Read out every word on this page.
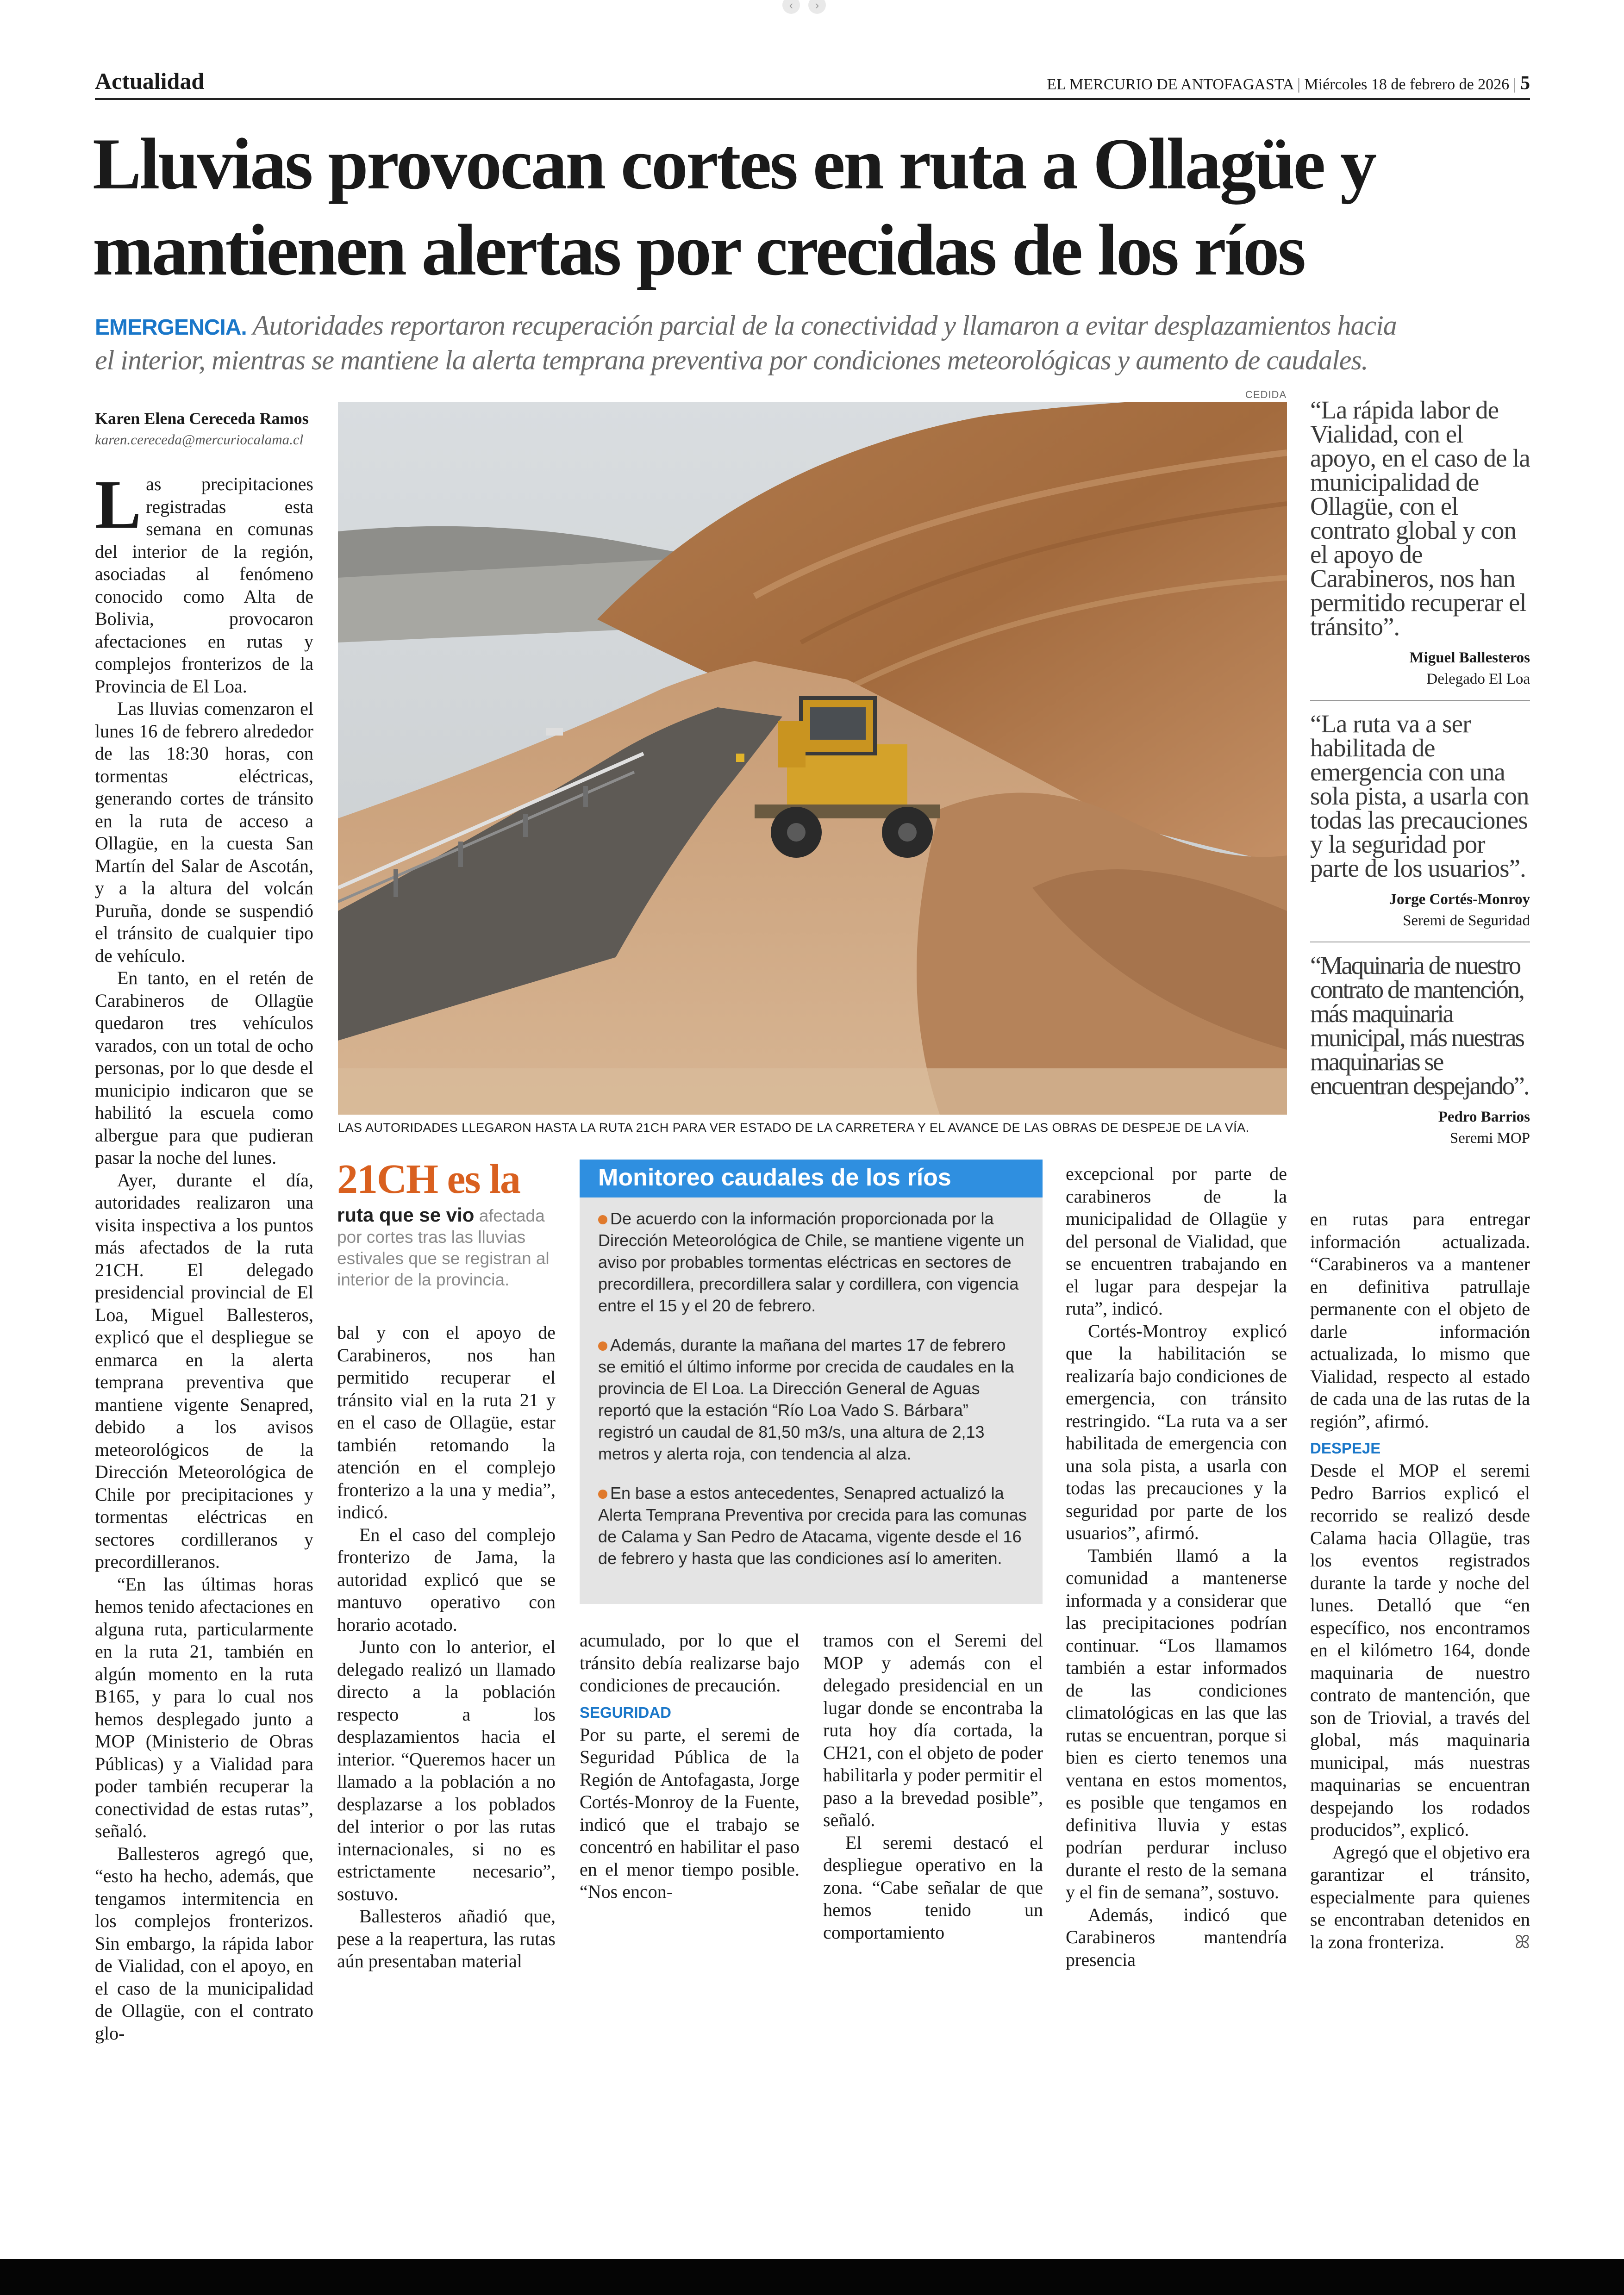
‹	›
Actualidad	EL MERCURIO DE ANTOFAGASTA | Miércoles 18 de febrero de 2026 | 5
Lluvias provocan cortes en ruta a Ollagüe y
mantienen alertas por crecidas de los ríos
EMERGENCIA. Autoridades reportaron recuperación parcial de la conectividad y llamaron a evitar desplazamientos hacia
el interior, mientras se mantiene la alerta temprana preventiva por condiciones meteorológicas y aumento de caudales.
Karen Elena Cereceda Ramos
karen.cereceda@mercuriocalama.cl
CEDIDA
LAS AUTORIDADES LLEGARON HASTA LA RUTA 21CH PARA VER ESTADO DE LA CARRETERA Y EL AVANCE DE LAS OBRAS DE DESPEJE DE LA VÍA.

Las precipitaciones registradas esta semana en comunas del interior de la región, asociadas al fenómeno conocido como Alta de Bolivia, provocaron afectaciones en rutas y complejos fronterizos de la Provincia de El Loa.

Las lluvias comenzaron el lunes 16 de febrero alrededor de las 18:30 horas, con tormentas eléctricas, generando cortes de tránsito en la ruta de acceso a Ollagüe, en la cuesta San Martín del Salar de Ascotán, y a la altura del volcán Puruña, donde se suspendió el tránsito de cualquier tipo de vehículo.

En tanto, en el retén de Carabineros de Ollagüe quedaron tres vehículos varados, con un total de ocho personas, por lo que desde el municipio indicaron que se habilitó la escuela como albergue para que pudieran pasar la noche del lunes.

Ayer, durante el día, autoridades realizaron una visita inspectiva a los puntos más afectados de la ruta 21CH. El delegado presidencial provincial de El Loa, Miguel Ballesteros, explicó que el despliegue se enmarca en la alerta temprana preventiva que mantiene vigente Senapred, debido a los avisos meteorológicos de la Dirección Meteorológica de Chile por precipitaciones y tormentas eléctricas en sectores cordilleranos y precordilleranos.

“En las últimas horas hemos tenido afectaciones en alguna ruta, particularmente en la ruta 21, también en algún momento en la ruta B165, y para lo cual nos hemos desplegado junto a MOP (Ministerio de Obras Públicas) y a Vialidad para poder también recuperar la conectividad de estas rutas”, señaló.

Ballesteros agregó que, “esto ha hecho, además, que tengamos intermitencia en los complejos fronterizos. Sin embargo, la rápida labor de Vialidad, con el apoyo, en el caso de la municipalidad de Ollagüe, con el contrato glo-

21CH es la
ruta que se vio afectada por cortes tras las lluvias estivales que se registran al interior de la provincia.

bal y con el apoyo de Carabineros, nos han permitido recuperar el tránsito vial en la ruta 21 y en el caso de Ollagüe, estar también retomando la atención en el complejo fronterizo a la una y media”, indicó.

En el caso del complejo fronterizo de Jama, la autoridad explicó que se mantuvo operativo con horario acotado.

Junto con lo anterior, el delegado realizó un llamado directo a la población respecto a los desplazamientos hacia el interior. “Queremos hacer un llamado a la población a no desplazarse a los poblados del interior o por las rutas internacionales, si no es estrictamente necesario”, sostuvo.

Ballesteros añadió que, pese a la reapertura, las rutas aún presentaban material

Monitoreo caudales de los ríos

De acuerdo con la información proporcionada por la Dirección Meteorológica de Chile, se mantiene vigente un aviso por probables tormentas eléctricas en sectores de precordillera, precordillera salar y cordillera, con vigencia entre el 15 y el 20 de febrero.

Además, durante la mañana del martes 17 de febrero se emitió el último informe por crecida de caudales en la provincia de El Loa. La Dirección General de Aguas reportó que la estación “Río Loa Vado S. Bárbara” registró un caudal de 81,50 m3/s, una altura de 2,13 metros y alerta roja, con tendencia al alza.

En base a estos antecedentes, Senapred actualizó la Alerta Temprana Preventiva por crecida para las comunas de Calama y San Pedro de Atacama, vigente desde el 16 de febrero y hasta que las condiciones así lo ameriten.

acumulado, por lo que el tránsito debía realizarse bajo condiciones de precaución.

SEGURIDAD

Por su parte, el seremi de Seguridad Pública de la Región de Antofagasta, Jorge Cortés-Monroy de la Fuente, indicó que el trabajo se concentró en habilitar el paso en el menor tiempo posible. “Nos encon-

tramos con el Seremi del MOP y además con el delegado presidencial en un lugar donde se encontraba la ruta hoy día cortada, la CH21, con el objeto de poder habilitarla y poder permitir el paso a la brevedad posible”, señaló.

El seremi destacó el despliegue operativo en la zona. “Cabe señalar de que hemos tenido un comportamiento

excepcional por parte de carabineros de la municipalidad de Ollagüe y del personal de Vialidad, que se encuentren trabajando en el lugar para despejar la ruta”, indicó.

Cortés-Montroy explicó que la habilitación se realizaría bajo condiciones de emergencia, con tránsito restringido. “La ruta va a ser habilitada de emergencia con una sola pista, a usarla con todas las precauciones y la seguridad por parte de los usuarios”, afirmó.

También llamó a la comunidad a mantenerse informada y a considerar que las precipitaciones podrían continuar. “Los llamamos también a estar informados de las condiciones climatológicas en las que las rutas se encuentran, porque si bien es cierto tenemos una ventana en estos momentos, es posible que tengamos en definitiva lluvia y estas podrían perdurar incluso durante el resto de la semana y el fin de semana”, sostuvo.

Además, indicó que Carabineros mantendría presencia

“La rápida labor de Vialidad, con el apoyo, en el caso de la municipalidad de Ollagüe, con el contrato global y con el apoyo de Carabineros, nos han permitido recuperar el tránsito”.
Miguel Ballesteros
Delegado El Loa
“La ruta va a ser habilitada de emergencia con una sola pista, a usarla con todas las precauciones y la seguridad por parte de los usuarios”.
Jorge Cortés-Monroy
Seremi de Seguridad
“Maquinaria de nuestro contrato de mantención, más maquinaria municipal, más nuestras maquinarias se encuentran despejando”.
Pedro Barrios
Seremi MOP

en rutas para entregar información actualizada. “Carabineros va a mantener en definitiva patrullaje permanente con el objeto de darle información actualizada, lo mismo que Vialidad, respecto al estado de cada una de las rutas de la región”, afirmó.

DESPEJE

Desde el MOP el seremi Pedro Barrios explicó el recorrido se realizó desde Calama hacia Ollagüe, tras los eventos registrados durante la tarde y noche del lunes. Detalló que “en específico, nos encontramos en el kilómetro 164, donde maquinaria de nuestro contrato de mantención, que son de Triovial, a través del global, más maquinaria municipal, más nuestras maquinarias se encuentran despejando los rodados producidos”, explicó.

Agregó que el objetivo era garantizar el tránsito, especialmente para quienes se encontraban detenidos en la zona fronteriza.	ꕤ
